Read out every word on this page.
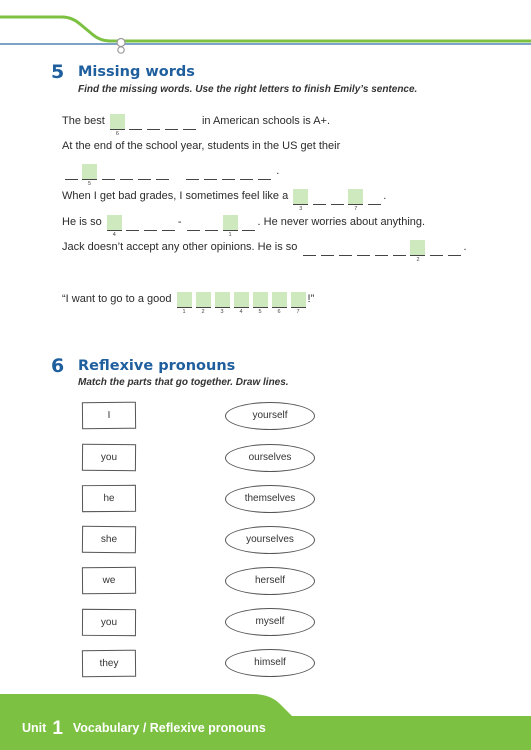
5 Missing words
Find the missing words. Use the right letters to finish Emily’s sentence.
The best
6
in American schools is A+.
At the end of the school year, students in the US get their
5
.
When I get bad grades, I sometimes feel like a
3	7
.
He is so
4
-
1
. He never worries about anything.
Jack doesn’t accept any other opinions. He is so
2
.
“I want to go to a good
1	2	3	4	5	6	7
!”
6 Reflexive pronouns
Match the parts that go together. Draw lines.
I
you
he
she
we
you
they
yourself
ourselves
themselves
yourselves
herself
myself
himself
Unit 1 Vocabulary / Reflexive pronouns
